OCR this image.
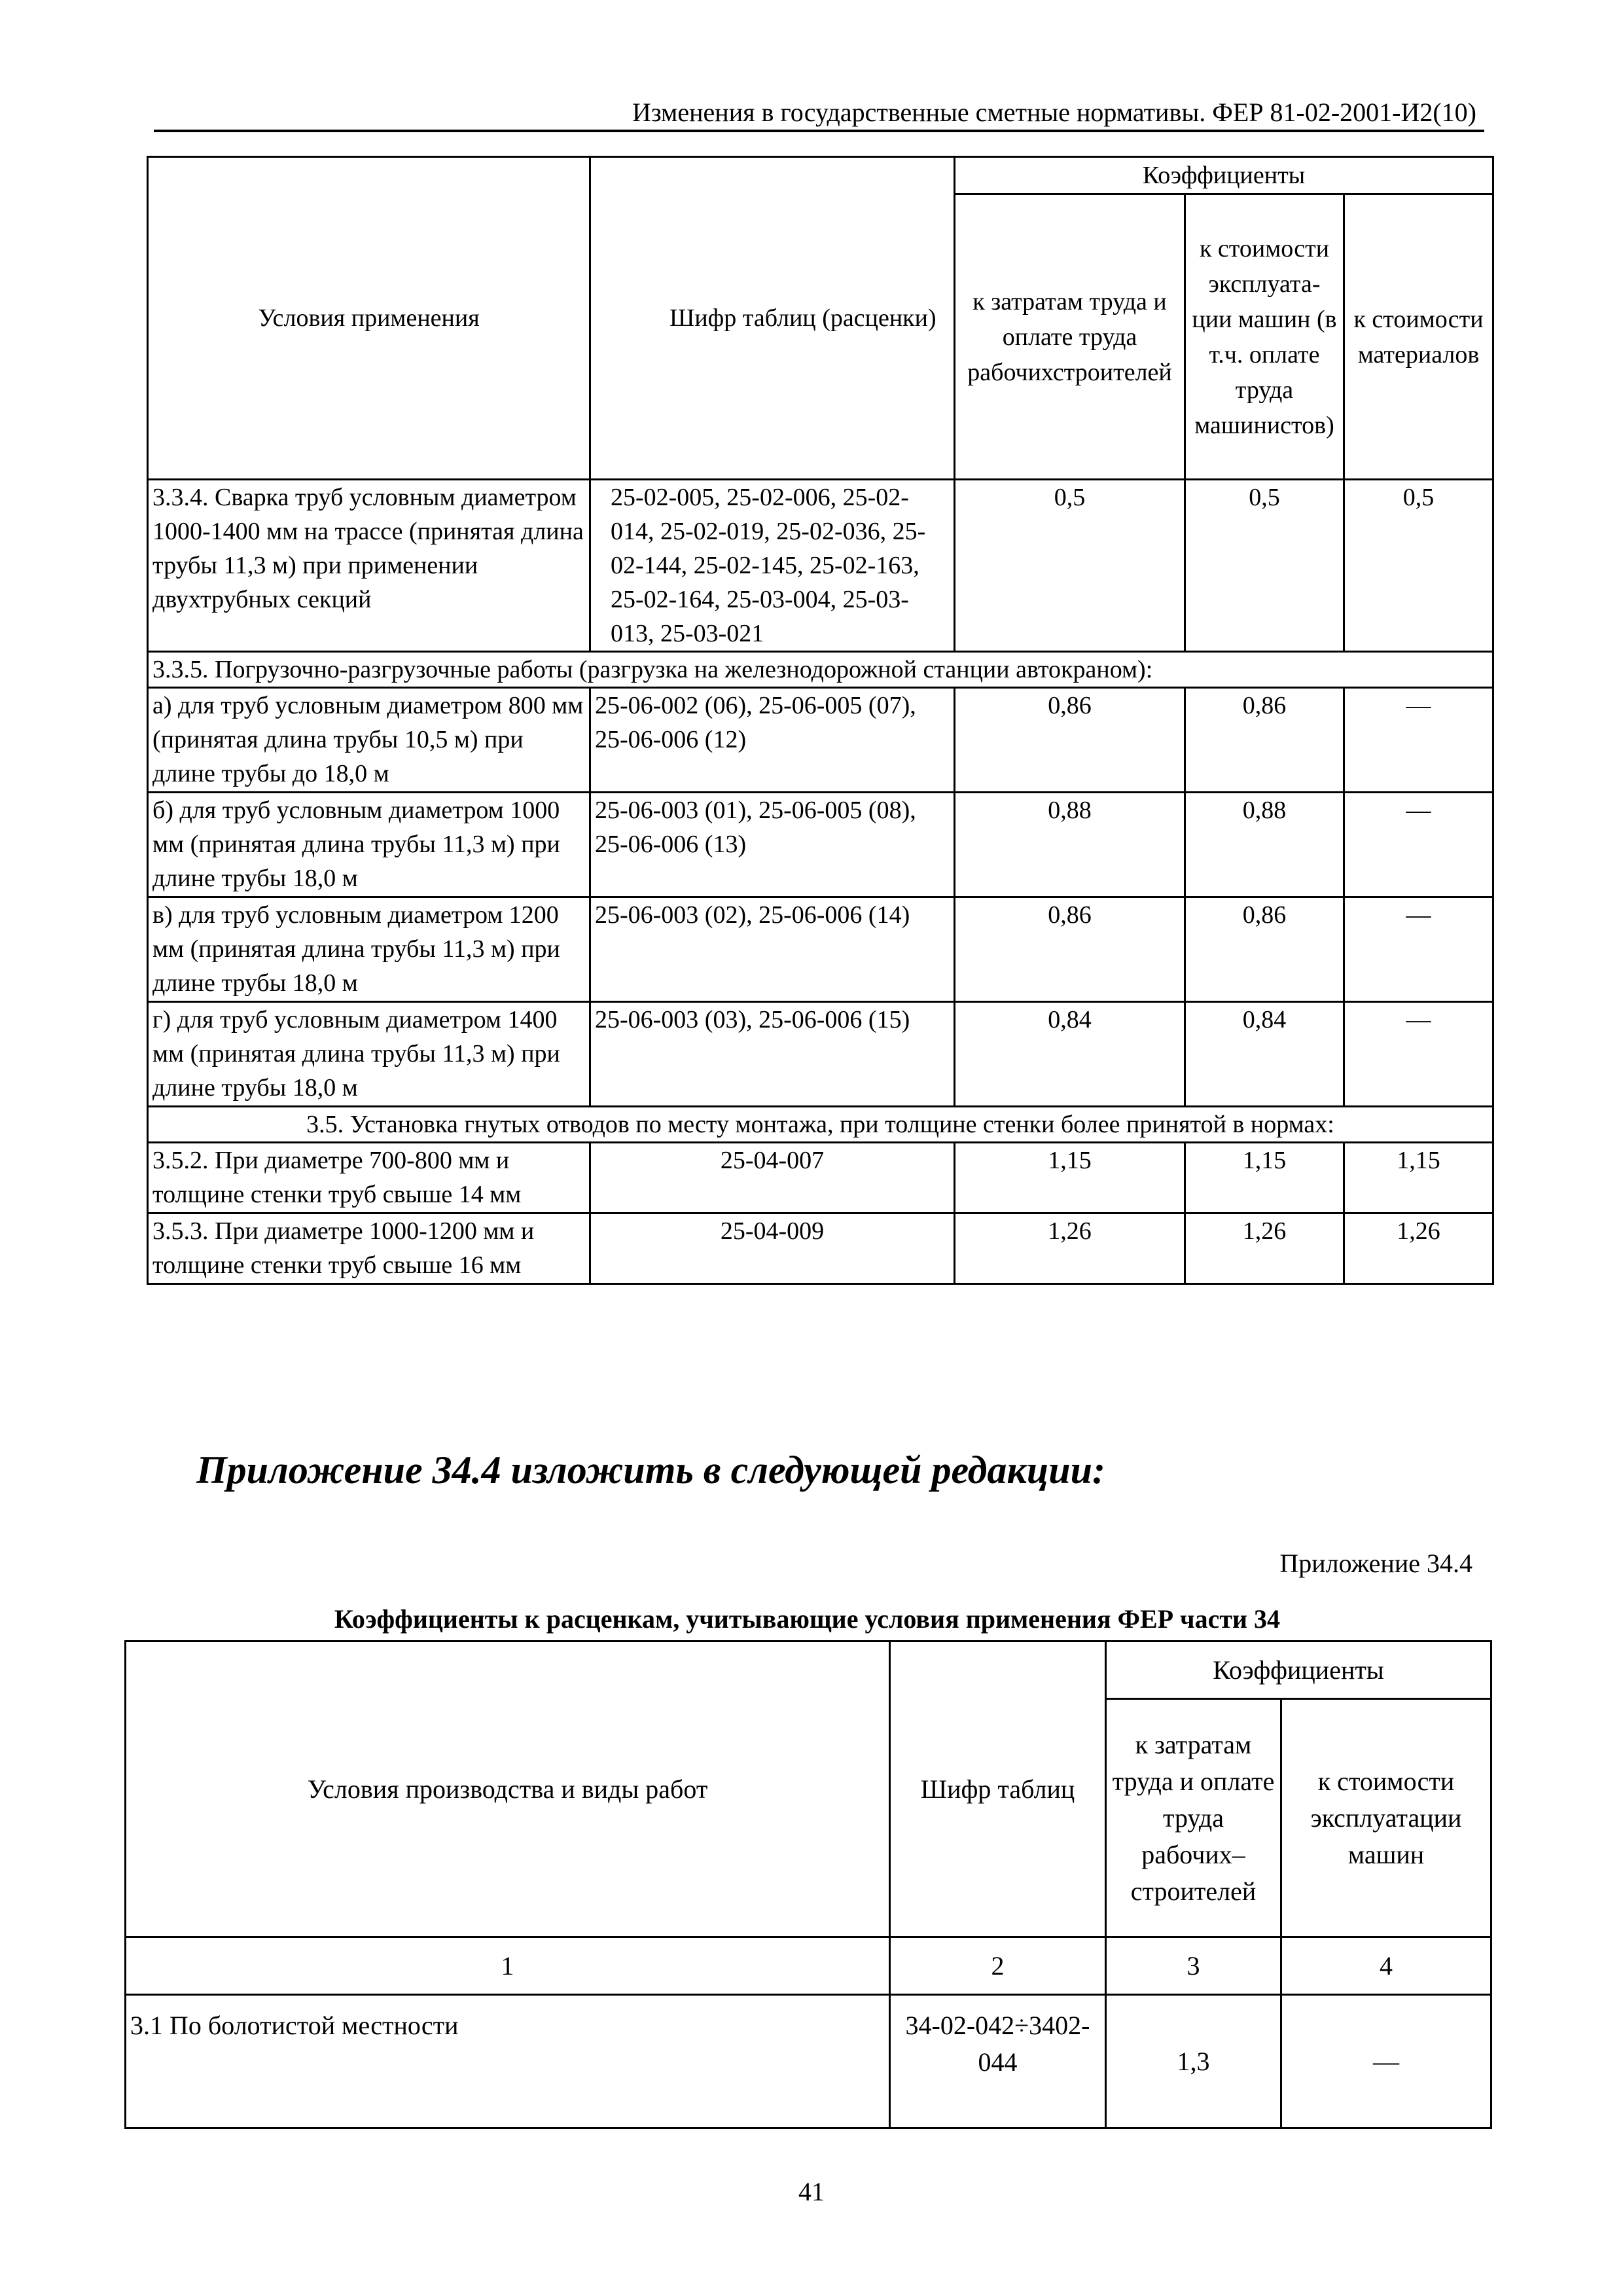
Изменения в государственные сметные нормативы. ФЕР 81-02-2001-И2(10)
Условия применения	Шифр таблиц (расценки)	Коэффициенты		
		к затратам труда и оплате труда рабочихстроителей	к стоимости эксплуата- ции машин (в т.ч. оплате труда машинистов)	к стоимости материалов
3.3.4. Сварка труб условным диаметром 1000-1400 мм на трассе (принятая длина трубы 11,3 м) при применении двухтрубных секций	25-02-005, 25-02-006, 25-02-014, 25-02-019, 25-02-036, 25-02-144, 25-02-145, 25-02-163, 25-02-164, 25-03-004, 25-03-013, 25-03-021	0,5	0,5	0,5
3.3.5. Погрузочно-разгрузочные работы (разгрузка на железнодорожной станции автокраном):				
а) для труб условным диаметром 800 мм (принятая длина трубы 10,5 м) при длине трубы до 18,0 м	25-06-002 (06), 25-06-005 (07), 25-06-006 (12)	0,86	0,86	—
б) для труб условным диаметром 1000 мм (принятая длина трубы 11,3 м) при длине трубы 18,0 м	25-06-003 (01), 25-06-005 (08), 25-06-006 (13)	0,88	0,88	—
в) для труб условным диаметром 1200 мм (принятая длина трубы 11,3 м) при длине трубы 18,0 м	25-06-003 (02), 25-06-006 (14)	0,86	0,86	—
г) для труб условным диаметром 1400 мм (принятая длина трубы 11,3 м) при длине трубы 18,0 м	25-06-003 (03), 25-06-006 (15)	0,84	0,84	—
3.5. Установка гнутых отводов по месту монтажа, при толщине стенки более принятой в нормах:				
3.5.2. При диаметре 700-800 мм и толщине стенки труб свыше 14 мм	25-04-007	1,15	1,15	1,15
3.5.3. При диаметре 1000-1200 мм и толщине стенки труб свыше 16 мм	25-04-009	1,26	1,26	1,26
Приложение 34.4 изложить в следующей редакции:
Приложение 34.4
Коэффициенты к расценкам, учитывающие условия применения ФЕР части 34
Условия производства и виды работ	Шифр таблиц	Коэффициенты	
		к затратам труда и оплате труда рабочих–строителей	к стоимости эксплуатации машин
1	2	3	4
3.1 По болотистой местности	34-02-042÷3402-044	1,3	—
41
